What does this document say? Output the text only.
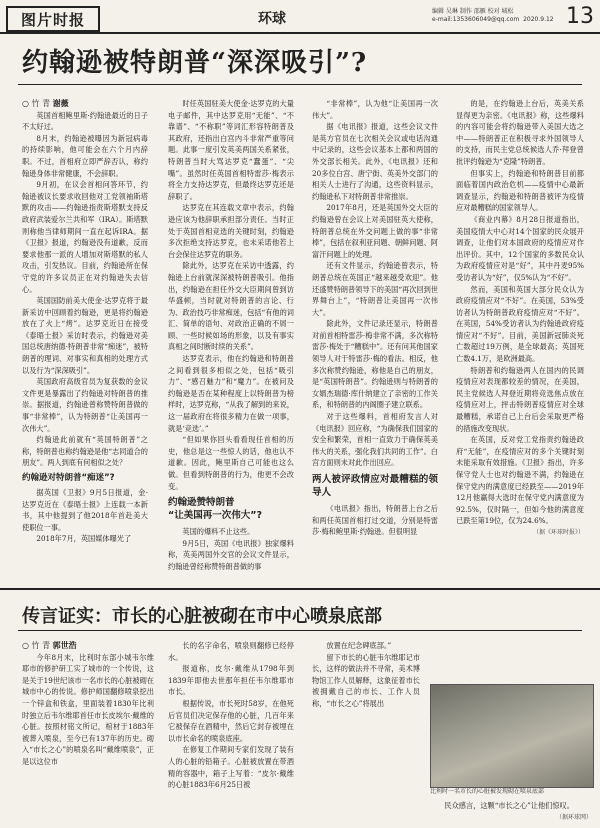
图片时报	环球	编辑 吴琳 制作 邵雁 校对 城松
e-mail:1353606049@qq.com 2020.9.12 13
约翰逊被特朗普“深深吸引”?
○ 竹 青 谢薇

英国首相鲍里斯·约翰逊最近的日子不太好过。

8月末，约翰逊被曝因为新冠病毒的持续影响，他可能会在六个月内辞职。不过，首相府立即严辞否认，称约翰逊身体非常健康，不会辞职。

9月初，在议会首相问答环节，约翰逊被议长要求收回他对工党领袖斯塔默的攻击——约翰逊指责斯塔默支持反政府武装爱尔兰共和军（IRA）。斯塔默则称他当律师期间一直在起诉IRA。据《卫报》报道，约翰逊没有道歉，反而要求他那一派的人增加对斯塔默的私人攻击，引发热议。目前，约翰逊所在保守党的许多议员正在对约翰逊失去信心。

英国国防前美大使金·达罗克将于最新采访中回顾着约翰逊，更是将约翰逊放在了火上“烤”。达罗克近日在接受《泰晤士报》采访时表示，约翰逊对美国总统唐纳德·特朗普非常“痴迷”，被特朗普的理词、对事实和真相的处理方式以及行为“深深吸引”。

英国政府高级官员为复获数的金议文件更是暴露出了约翰逊对特朗普的推崇。据报道，约翰逊曾称赞特朗普做的事“非常棒”，认为特朗普“让美国再一次伟大”。

约翰逊此前就有“英国特朗普”之称，特朗普也称约翰逊是他“志同道合的朋友”。两人到底有何相似之处？

约翰逊对特朗普“痴迷”?

据英国《卫报》9月5日报道，金·达罗克近在《泰晤士报》上连载一本新书，其中他提到了他2018年首赴美大使职位一事。

2018年7月，英国媒体曝光了

时任英国驻美大使金·达罗克的大量电子邮件，其中达罗克用“无能”、“不靠谱”、“不称职”等词汇形容特朗普及其政府，还指出白宫内斗非常严重等问题。此事一度引发英美两国关系紧张，特朗普当时大骂达罗克“蠢蛋”、“尖嘴”。虽然时任英国首相特雷莎·梅表示将全力支持达罗克，但最终达罗克还是辞职了。

达罗克在其连载文章中表示，约翰逊应该为他辞职承担部分责任。当时正处于英国首相竞选的关键时刻，约翰逊多次拒绝支持达罗克，也未采诺他若上台会保住达罗克的职务。

除此外，达罗克在采访中透露，约翰逊上台前就深深被特朗普吸引。他指出，约翰逊在担任外交大臣期间曾到访华盛顿，当时就对特朗普的言论、行为、政治技巧非常痴迷，包括“有他的词汇、简单的语句、对政治正确的不屑一顾、一些时候如场的形象，以及有事实真相之间时断时续的关系”。

达罗克表示，他在约翰逊和特朗普之间看到很多相似之处，包括“吸引力”、“感召魅力”和“魔力”。在被问及约翰逊是否在某种程度上以特朗普为榜样时，达罗克称，“从我了解到的来说，这一届政府在将很多精力在做一项事，就是‘竞选’。”

“但如果你回头看看现任首相的历史，他总是这一些惊人的话，他也认不道歉。因此，鲍里斯自己可能也这么做。但看到特朗普的行为，他更不会改变。

约翰逊赞特朗普
“让美国再一次伟大”?

英国的爆料不止这些。

9月5日，英国《电讯报》独家爆料称，英美两国外交官的会议文件显示，约翰逊曾经称赞特朗普做的事

“非常棒”，认为他“让美国再一次伟大”。

据《电讯报》报道，这些会议文件是英方官员在七次相关会议或电话沟通中记录的，这些会议基本上都和两国的外交部长相关。此外，《电讯报》还和20多位白宫、唐宁街、英美外交部门的相关人士进行了沟通，这些资料显示，约翰逊私下对特朗普非常推崇。

2017年8月，还是英国外交大臣的约翰逊曾在会议上对美国驻英大使称，特朗普总统在外交问题上做的事“非常棒”，包括在叙利亚问题、朝鲜问题、阿富汗问题上的处理。

还有文件显示，约翰逊曾表示，特朗普总统在英国正“越来越受欢迎”。他还盛赞特朗普领导下的美国“再次回到世界舞台上”，“特朗普让美国再一次伟大”。

除此外，文件记录还显示，特朗普对前首相特雷莎·梅非常不满，多次称特雷莎·梅处于“糟糕中”。还有问其他国家领导人对于特雷莎·梅的看法。相反，他多次称赞约翰逊，称他是自己的朋友，是“英国特朗普”。约翰逊则与特朗普的女婿杰瑞德·库什纳建立了亲密的工作关系，和特朗普的内阁圈子建立联系。

对于这些爆料，首相府发言人对《电讯报》回应称，“为确保我们国家的安全和繁荣，首相一直致力于确保英美伟大的关系，强化我们共同的工作”。白宫方面则未对此作出回应。

两人被评政情应对最糟糕的领导人

《电讯报》指出，特朗普上台之后和两任英国首相打过交道，分别是特雷莎·梅和鲍里斯·约翰逊。但很明显

的是，在约翰逊上台后，英美关系显得更为亲密。《电讯报》称，这些爆料的内容可能会将约翰逊带入美国大选之中——特朗普正在积极寻求外国领导人的支持，而民主党总统候选人乔·拜登曾批评约翰逊为“克隆”特朗普。

但事实上，约翰逊和特朗普目前都面临着国内政治危机——疫情中心最新调查显示，约翰逊和特朗普被评为疫情应对最糟糕的国家领导人。

《商业内幕》8月28日报道指出，美国疫情大中心对14个国家的民众展开调查，让他们对本国政府的疫情应对作出评价。其中，12个国家的多数民众认为政府疫情应对是“好”，其中丹麦95%受访者认为“好”，仅5%认为“不好”。

然而，美国和英国大部分民众认为政府疫情应对“不好”。在美国，53%受访者认为特朗普政府疫情应对“不好”。在英国，54%受访者认为约翰逊政府疫情应对“不好”。目前，美国新冠肺炎死亡数超过19万例，是全球最高；英国死亡数4.1万，是欧洲最高。

特朗普和约翰逊两人在国内的民调疫情应对表现都较差的情况，在美国，民主党候选人拜登近期将竞选焦点放在疫情应对上，抨击特朗普疫情应对全球最糟糕，承诺自己上台后会采取更严格的措施改变现状。

在英国，反对党工党指责约翰逊政府“无能”，在疫情应对的多个关键时刻未能采取有效措施。《卫报》指出，许多保守党人士也对约翰逊不满，约翰逊在保守党内的满意度已经跌至——2019年12月他赢得大选时在保守党内满意度为92.5%，仅时隔一，但如今他的满意度已跌至第19位，仅为24.6%。

（据《环球时报》）
传言证实：市长的心脏被砌在市中心喷泉底部
○ 竹 青 郭世浩

今年8月末，比利时东部小城韦尔维耶市的修护研工实了城市的一个传说，这是关于19世纪该市一名市长的心脏被砌在城市中心的传说。修护师国翻修喷泉挖出一个锌盒和铁盒，里面装着1830年比利时独立后韦尔维耶首任市长皮埃尔·戴维的心脏。按照材铭文所记，棺材于1883年被葬入喷泉，至今已有137年的历史。砌入“市长之心”的喷泉名叫“戴维喷泉”，正是以这位市

长的名字命名，喷泉则翻修已经停水。

报道称，皮尔·戴维从1798年到1839年即他去世那年担任韦尔维耶市市长。

根据传说，市长死时58岁，在他死后官员们决定保存他的心脏，几百年来它被保存在酒精中，然后它封存被埋在以市长命名的喷泉底座。

在修复工作期间专家们发现了装有人的心脏的铅箱子。心脏被放置在带酒精的容器中，箱子上写着：“皮尔·戴维的心脏1883年6月25日被

放置在纪念碑底部。”

留下市长的心脏韦尔维耶记市长，这样的做法并不寻常，美术博物馆工作人员解释，这象征着市长被拥戴自己的市长、工作人员称，“市长之心”将展出

比利时一名市长的心脏被发现砌在喷泉底部

民众感言，这颗“市长之心”让他们惊叹。

（据环球网）
